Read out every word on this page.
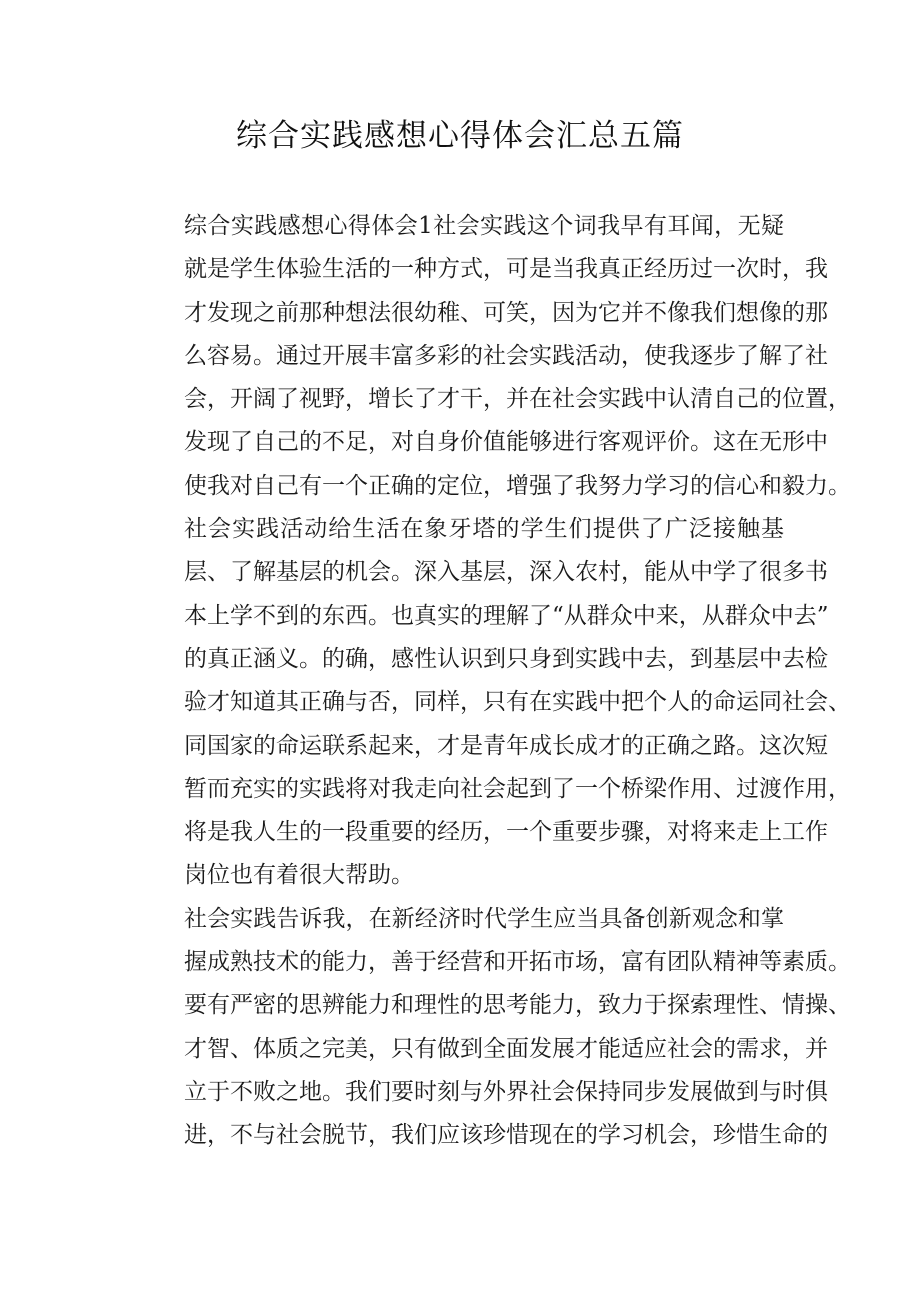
综合实践感想心得体会汇总五篇
综合实践感想心得体会1社会实践这个词我早有耳闻，无疑
就是学生体验生活的一种方式，可是当我真正经历过一次时，我
才发现之前那种想法很幼稚、可笑，因为它并不像我们想像的那
么容易。通过开展丰富多彩的社会实践活动，使我逐步了解了社
会，开阔了视野，增长了才干，并在社会实践中认清自己的位置，
发现了自己的不足，对自身价值能够进行客观评价。这在无形中
使我对自己有一个正确的定位，增强了我努力学习的信心和毅力。
社会实践活动给生活在象牙塔的学生们提供了广泛接触基
层、了解基层的机会。深入基层，深入农村，能从中学了很多书
本上学不到的东西。也真实的理解了“从群众中来，从群众中去”
的真正涵义。的确，感性认识到只身到实践中去，到基层中去检
验才知道其正确与否，同样，只有在实践中把个人的命运同社会、
同国家的命运联系起来，才是青年成长成才的正确之路。这次短
暂而充实的实践将对我走向社会起到了一个桥梁作用、过渡作用，
将是我人生的一段重要的经历，一个重要步骤，对将来走上工作
岗位也有着很大帮助。
社会实践告诉我，在新经济时代学生应当具备创新观念和掌
握成熟技术的能力，善于经营和开拓市场，富有团队精神等素质。
要有严密的思辨能力和理性的思考能力，致力于探索理性、情操、
才智、体质之完美，只有做到全面发展才能适应社会的需求，并
立于不败之地。我们要时刻与外界社会保持同步发展做到与时俱
进，不与社会脱节，我们应该珍惜现在的学习机会，珍惜生命的
